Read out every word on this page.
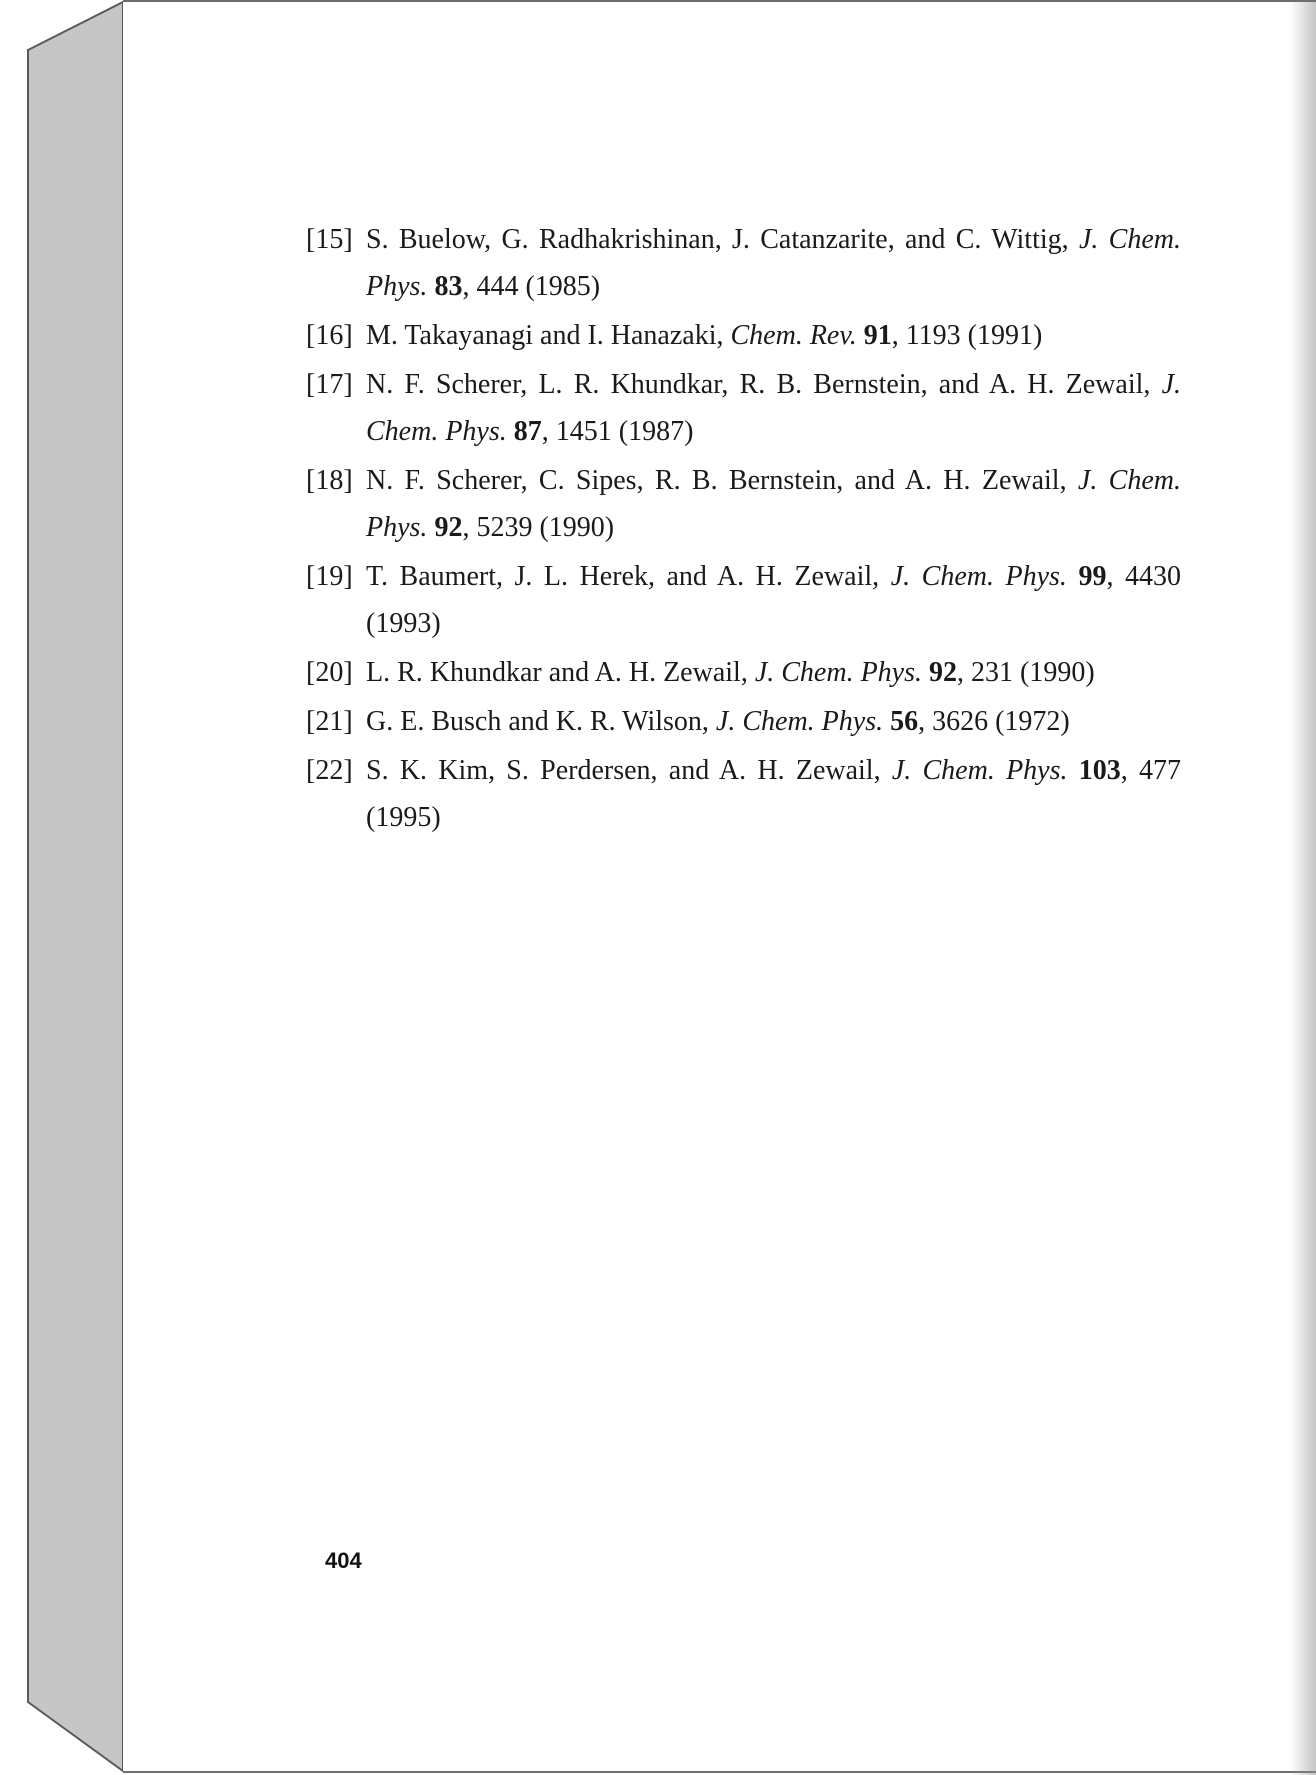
[15] S. Buelow, G. Radhakrishinan, J. Catanzarite, and C. Wittig, J. Chem. Phys. 83, 444 (1985)
[16] M. Takayanagi and I. Hanazaki, Chem. Rev. 91, 1193 (1991)
[17] N. F. Scherer, L. R. Khundkar, R. B. Bernstein, and A. H. Zewail, J. Chem. Phys. 87, 1451 (1987)
[18] N. F. Scherer, C. Sipes, R. B. Bernstein, and A. H. Zewail, J. Chem. Phys. 92, 5239 (1990)
[19] T. Baumert, J. L. Herek, and A. H. Zewail, J. Chem. Phys. 99, 4430 (1993)
[20] L. R. Khundkar and A. H. Zewail, J. Chem. Phys. 92, 231 (1990)
[21] G. E. Busch and K. R. Wilson, J. Chem. Phys. 56, 3626 (1972)
[22] S. K. Kim, S. Perdersen, and A. H. Zewail, J. Chem. Phys. 103, 477 (1995)
404
